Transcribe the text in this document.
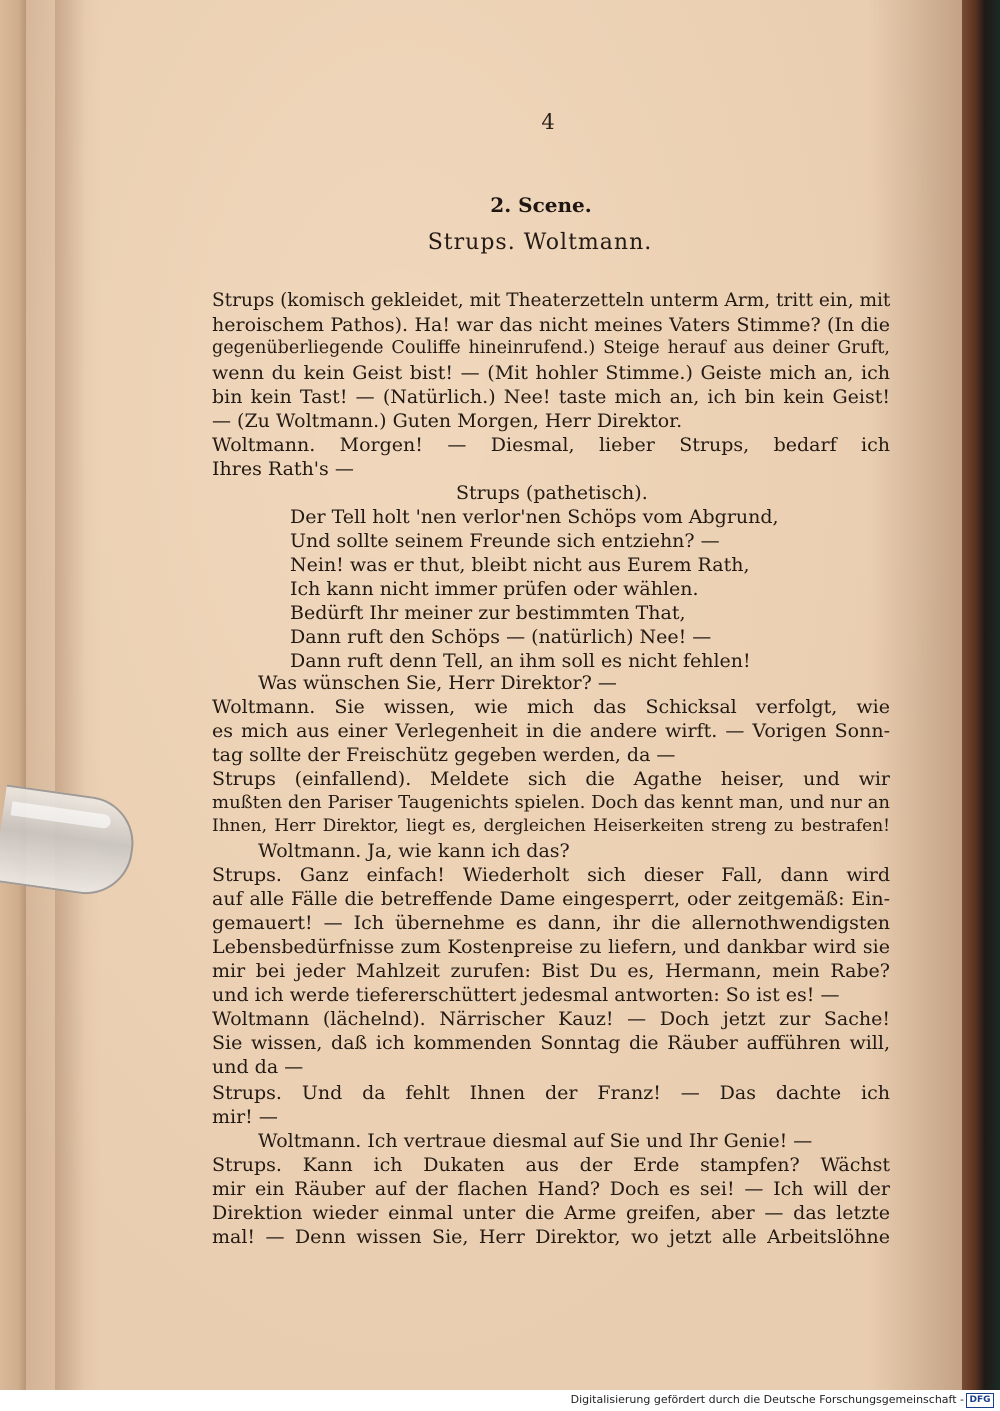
4
2. Scene.
Strups. Woltmann.
Strups (komisch gekleidet, mit Theaterzetteln unterm Arm, tritt ein, mit
heroischem Pathos). Ha! war das nicht meines Vaters Stimme? (In die
gegenüberliegende Couliffe hineinrufend.) Steige herauf aus deiner Gruft,
wenn du kein Geist bist! — (Mit hohler Stimme.) Geiste mich an, ich
bin kein Tast! — (Natürlich.) Nee! taste mich an, ich bin kein Geist!
— (Zu Woltmann.) Guten Morgen, Herr Direktor.
Woltmann. Morgen! — Diesmal, lieber Strups, bedarf ich
Ihres Rath's —
Strups (pathetisch).
Der Tell holt 'nen verlor'nen Schöps vom Abgrund,
Und sollte seinem Freunde sich entziehn? —
Nein! was er thut, bleibt nicht aus Eurem Rath,
Ich kann nicht immer prüfen oder wählen.
Bedürft Ihr meiner zur bestimmten That,
Dann ruft den Schöps — (natürlich) Nee! —
Dann ruft denn Tell, an ihm soll es nicht fehlen!
Was wünschen Sie, Herr Direktor? —
Woltmann. Sie wissen, wie mich das Schicksal verfolgt, wie
es mich aus einer Verlegenheit in die andere wirft. — Vorigen Sonn-
tag sollte der Freischütz gegeben werden, da —
Strups (einfallend). Meldete sich die Agathe heiser, und wir
mußten den Pariser Taugenichts spielen. Doch das kennt man, und nur an
Ihnen, Herr Direktor, liegt es, dergleichen Heiserkeiten streng zu bestrafen!
Woltmann. Ja, wie kann ich das?
Strups. Ganz einfach! Wiederholt sich dieser Fall, dann wird
auf alle Fälle die betreffende Dame eingesperrt, oder zeitgemäß: Ein-
gemauert! — Ich übernehme es dann, ihr die allernothwendigsten
Lebensbedürfnisse zum Kostenpreise zu liefern, und dankbar wird sie
mir bei jeder Mahlzeit zurufen: Bist Du es, Hermann, mein Rabe?
und ich werde tiefererschüttert jedesmal antworten: So ist es! —
Woltmann (lächelnd). Närrischer Kauz! — Doch jetzt zur Sache!
Sie wissen, daß ich kommenden Sonntag die Räuber aufführen will,
und da —
Strups. Und da fehlt Ihnen der Franz! — Das dachte ich
mir! —
Woltmann. Ich vertraue diesmal auf Sie und Ihr Genie! —
Strups. Kann ich Dukaten aus der Erde stampfen? Wächst
mir ein Räuber auf der flachen Hand? Doch es sei! — Ich will der
Direktion wieder einmal unter die Arme greifen, aber — das letzte
mal! — Denn wissen Sie, Herr Direktor, wo jetzt alle Arbeitslöhne
Digitalisierung gefördert durch die Deutsche Forschungsgemeinschaft - DFG
